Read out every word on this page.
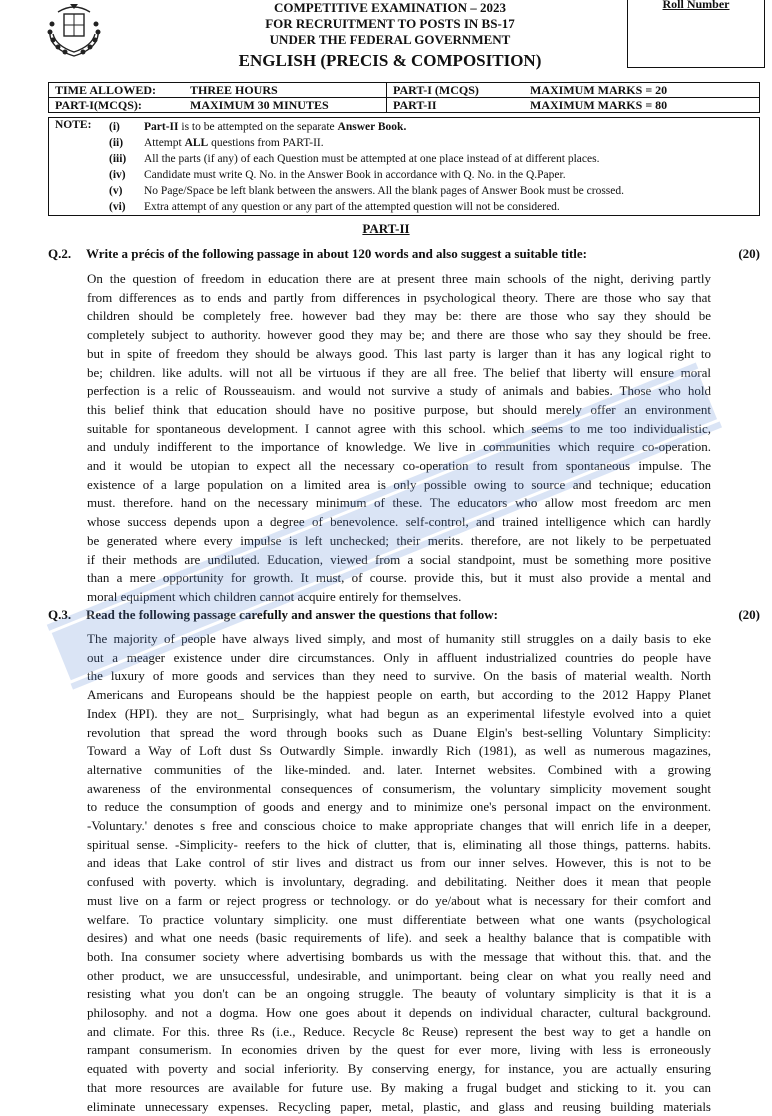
COMPETITIVE EXAMINATION – 2023
FOR RECRUITMENT TO POSTS IN BS-17
UNDER THE FEDERAL GOVERNMENT
ENGLISH (PRECIS & COMPOSITION)
Roll Number
TIME ALLOWED:	THREE HOURS	PART-I (MCQS)	MAXIMUM MARKS = 20
PART-I(MCQS):	MAXIMUM 30 MINUTES	PART-II	MAXIMUM MARKS = 80
NOTE: (i) Part-II is to be attempted on the separate Answer Book.
(ii) Attempt ALL questions from PART-II.
(iii) All the parts (if any) of each Question must be attempted at one place instead of at different places.
(iv) Candidate must write Q. No. in the Answer Book in accordance with Q. No. in the Q.Paper.
(v) No Page/Space be left blank between the answers. All the blank pages of Answer Book must be crossed.
(vi) Extra attempt of any question or any part of the attempted question will not be considered.
PART-II
Q.2. Write a précis of the following passage in about 120 words and also suggest a suitable title:	(20)
On the question of freedom in education there are at present three main schools of the night, deriving partly
from differences as to ends and partly from differences in psychological theory. There are those who say that
children should be completely free. however bad they may be: there are those who say they should be
completely subject to authority. however good they may be; and there are those who say they should be free.
but in spite of freedom they should be always good. This last party is larger than it has any logical right to
be; children. like adults. will not all be virtuous if they are all free. The belief that liberty will ensure moral
perfection is a relic of Rousseauism. and would not survive a study of animals and babies. Those who hold
this belief think that education should have no positive purpose, but should merely offer an environment
suitable for spontaneous development. I cannot agree with this school. which seems to me too individualistic,
and unduly indifferent to the importance of knowledge. We live in communities which require co-operation.
and it would be utopian to expect all the necessary co-operation to result from spontaneous impulse. The
existence of a large population on a limited area is only possible owing to source and technique; education
must. therefore. hand on the necessary minimum of these. The educators who allow most freedom arc men
whose success depends upon a degree of benevolence. self-control, and trained intelligence which can hardly
be generated where every impulse is left unchecked; their merits. therefore, are not likely to be perpetuated
if their methods are undiluted. Education, viewed from a social standpoint, must be something more positive
than a mere opportunity for growth. It must, of course. provide this, but it must also provide a mental and
moral equipment which children cannot acquire entirely for themselves.
Q.3. Read the following passage carefully and answer the questions that follow:	(20)
The majority of people have always lived simply, and most of humanity still struggles on a daily basis to eke
out a meager existence under dire circumstances. Only in affluent industrialized countries do people have
the luxury of more goods and services than they need to survive. On the basis of material wealth. North
Americans and Europeans should be the happiest people on earth, but according to the 2012 Happy Planet
Index (HPI). they are not_ Surprisingly, what had begun as an experimental lifestyle evolved into a quiet
revolution that spread the word through books such as Duane Elgin's best-selling Voluntary Simplicity:
Toward a Way of Loft dust Ss Outwardly Simple. inwardly Rich (1981), as well as numerous magazines,
alternative communities of the like-minded. and. later. Internet websites. Combined with a growing
awareness of the environmental consequences of consumerism, the voluntary simplicity movement sought
to reduce the consumption of goods and energy and to minimize one's personal impact on the environment.
-Voluntary.' denotes s free and conscious choice to make appropriate changes that will enrich life in a deeper,
spiritual sense. -Simplicity- reefers to the hick of clutter, that is, eliminating all those things, patterns. habits.
and ideas that Lake control of stir lives and distract us from our inner selves. However, this is not to be
confused with poverty. which is involuntary, degrading. and debilitating. Neither does it mean that people
must live on a farm or reject progress or technology. or do ye/about what is necessary for their comfort and
welfare. To practice voluntary simplicity. one must differentiate between what one wants (psychological
desires) and what one needs (basic requirements of life). and seek a healthy balance that is compatible with
both. Ina consumer society where advertising bombards us with the message that without this. that. and the
other product, we are unsuccessful, undesirable, and unimportant. being clear on what you really need and
resisting what you don't can be an ongoing struggle. The beauty of voluntary simplicity is that it is a
philosophy. and not a dogma. How one goes about it depends on individual character, cultural background.
and climate. For this. three Rs (i.e., Reduce. Recycle 8c Reuse) represent the best way to get a handle on
rampant consumerism. In economies driven by the quest for ever more, living with less is erroneously
equated with poverty and social inferiority. By conserving energy, for instance, you are actually ensuring
that more resources are available for future use. By making a frugal budget and sticking to it. you can
eliminate unnecessary expenses. Recycling paper, metal, plastic, and glass and reusing building materials
